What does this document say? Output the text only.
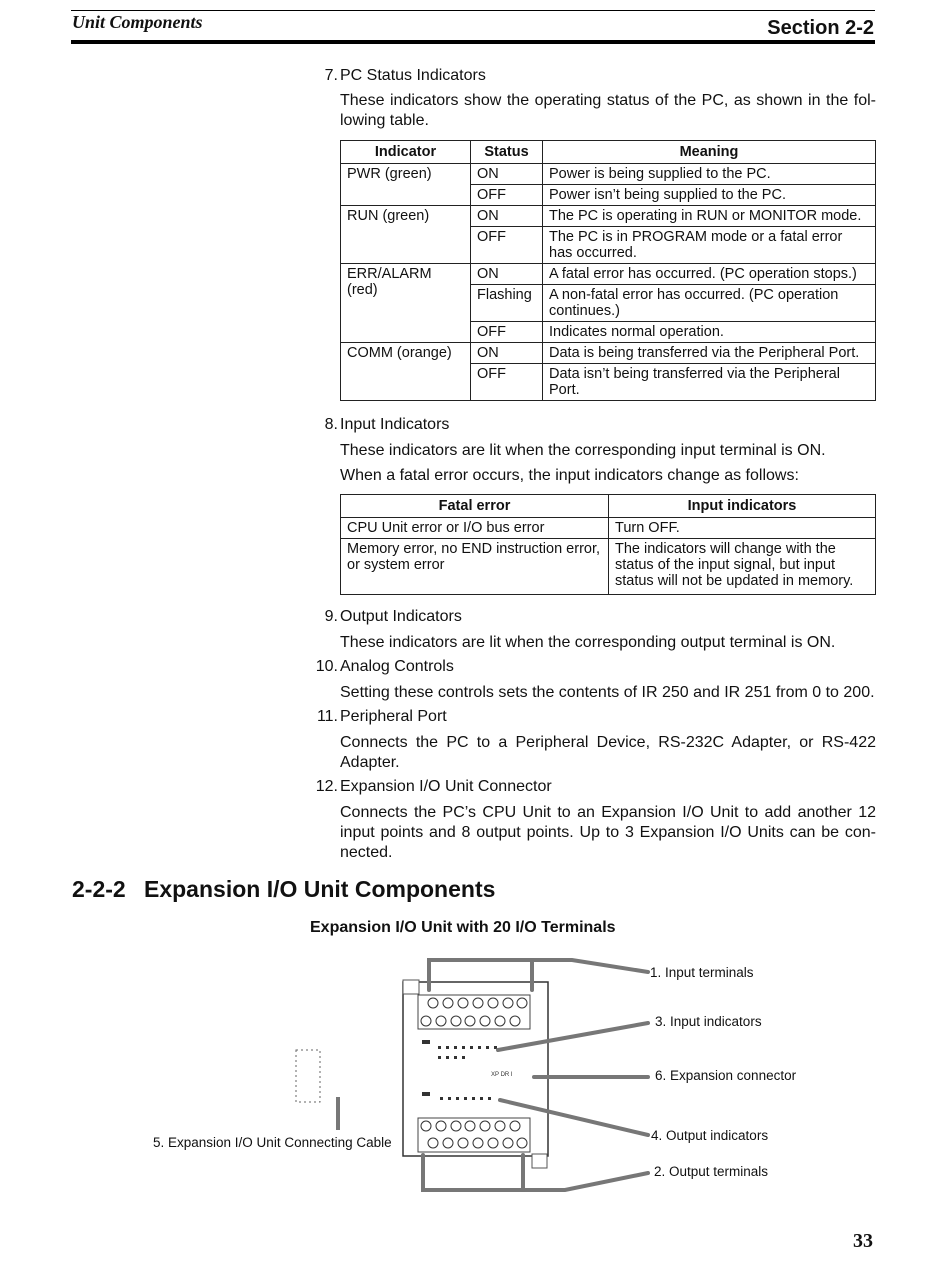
Unit Components	Section 2-2
7. PC Status Indicators
These indicators show the operating status of the PC, as shown in the fol- lowing table.
Indicator	Status	Meaning
PWR (green)	ON	Power is being supplied to the PC.
	OFF	Power isn’t being supplied to the PC.
RUN (green)	ON	The PC is operating in RUN or MONITOR mode.
	OFF	The PC is in PROGRAM mode or a fatal error has occurred.
ERR/ALARM (red)	ON	A fatal error has occurred. (PC operation stops.)
	Flashing	A non-fatal error has occurred. (PC operation continues.)
	OFF	Indicates normal operation.
COMM (orange)	ON	Data is being transferred via the Peripheral Port.
	OFF	Data isn’t being transferred via the Peripheral Port.
8. Input Indicators
These indicators are lit when the corresponding input terminal is ON.
When a fatal error occurs, the input indicators change as follows:
Fatal error	Input indicators
CPU Unit error or I/O bus error	Turn OFF.
Memory error, no END instruction error, or system error	The indicators will change with the status of the input signal, but input status will not be updated in memory.
9. Output Indicators
These indicators are lit when the corresponding output terminal is ON.
10. Analog Controls
Setting these controls sets the contents of IR 250 and IR 251 from 0 to 200.
11. Peripheral Port
Connects the PC to a Peripheral Device, RS-232C Adapter, or RS-422 Adapter.
12. Expansion I/O Unit Connector
Connects the PC’s CPU Unit to an Expansion I/O Unit to add another 12 input points and 8 output points. Up to 3 Expansion I/O Units can be con- nected.
2-2-2 Expansion I/O Unit Components
Expansion I/O Unit with 20 I/O Terminals
XP DR I
1. Input terminals
3. Input indicators
6. Expansion connector
4. Output indicators
2. Output terminals
5. Expansion I/O Unit Connecting Cable
33
